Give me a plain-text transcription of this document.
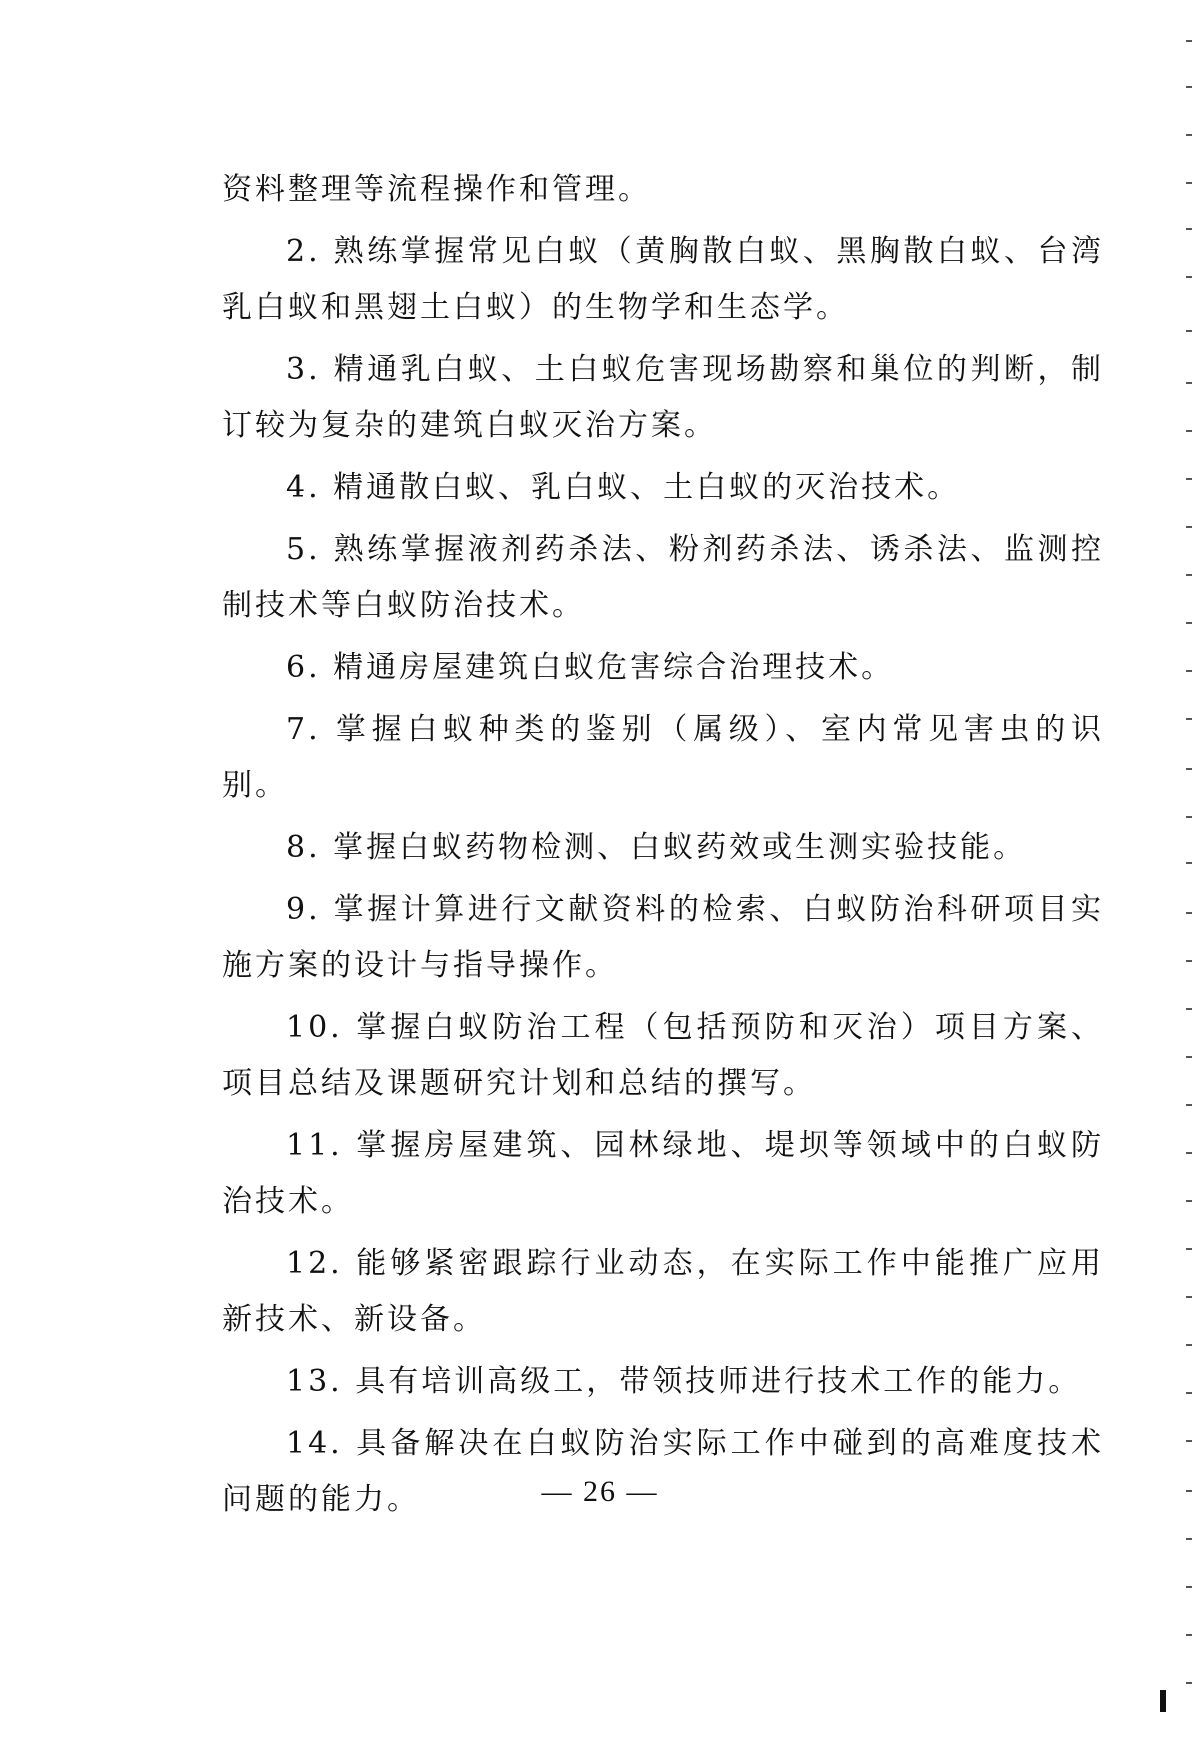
资料整理等流程操作和管理。

2. 熟练掌握常见白蚁（黄胸散白蚁、黑胸散白蚁、台湾乳白蚁和黑翅土白蚁）的生物学和生态学。

3. 精通乳白蚁、土白蚁危害现场勘察和巢位的判断，制订较为复杂的建筑白蚁灭治方案。

4. 精通散白蚁、乳白蚁、土白蚁的灭治技术。

5. 熟练掌握液剂药杀法、粉剂药杀法、诱杀法、监测控制技术等白蚁防治技术。

6. 精通房屋建筑白蚁危害综合治理技术。

7. 掌握白蚁种类的鉴别（属级）、室内常见害虫的识别。

8. 掌握白蚁药物检测、白蚁药效或生测实验技能。

9. 掌握计算进行文献资料的检索、白蚁防治科研项目实施方案的设计与指导操作。

10. 掌握白蚁防治工程（包括预防和灭治）项目方案、项目总结及课题研究计划和总结的撰写。

11. 掌握房屋建筑、园林绿地、堤坝等领域中的白蚁防治技术。

12. 能够紧密跟踪行业动态，在实际工作中能推广应用新技术、新设备。

13. 具有培训高级工，带领技师进行技术工作的能力。

14. 具备解决在白蚁防治实际工作中碰到的高难度技术问题的能力。	— 26 —
